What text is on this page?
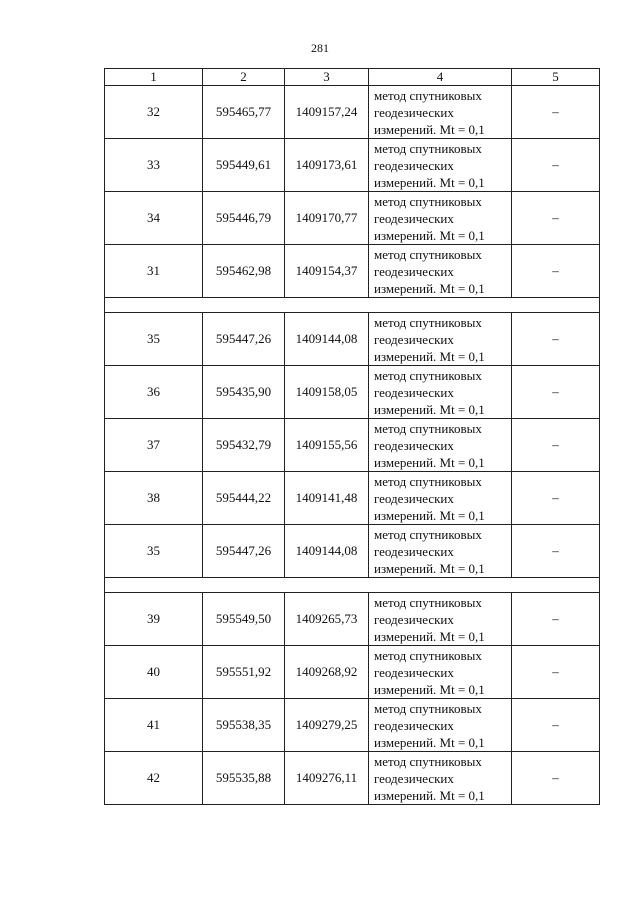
281
1	2	3	4	5
32	595465,77	1409157,24	метод спутниковых
геодезических
измерений. Mt = 0,1	–
33	595449,61	1409173,61	метод спутниковых
геодезических
измерений. Mt = 0,1	–
34	595446,79	1409170,77	метод спутниковых
геодезических
измерений. Mt = 0,1	–
31	595462,98	1409154,37	метод спутниковых
геодезических
измерений. Mt = 0,1	–

35	595447,26	1409144,08	метод спутниковых
геодезических
измерений. Mt = 0,1	–
36	595435,90	1409158,05	метод спутниковых
геодезических
измерений. Mt = 0,1	–
37	595432,79	1409155,56	метод спутниковых
геодезических
измерений. Mt = 0,1	–
38	595444,22	1409141,48	метод спутниковых
геодезических
измерений. Mt = 0,1	–
35	595447,26	1409144,08	метод спутниковых
геодезических
измерений. Mt = 0,1	–

39	595549,50	1409265,73	метод спутниковых
геодезических
измерений. Mt = 0,1	–
40	595551,92	1409268,92	метод спутниковых
геодезических
измерений. Mt = 0,1	–
41	595538,35	1409279,25	метод спутниковых
геодезических
измерений. Mt = 0,1	–
42	595535,88	1409276,11	метод спутниковых
геодезических
измерений. Mt = 0,1	–
